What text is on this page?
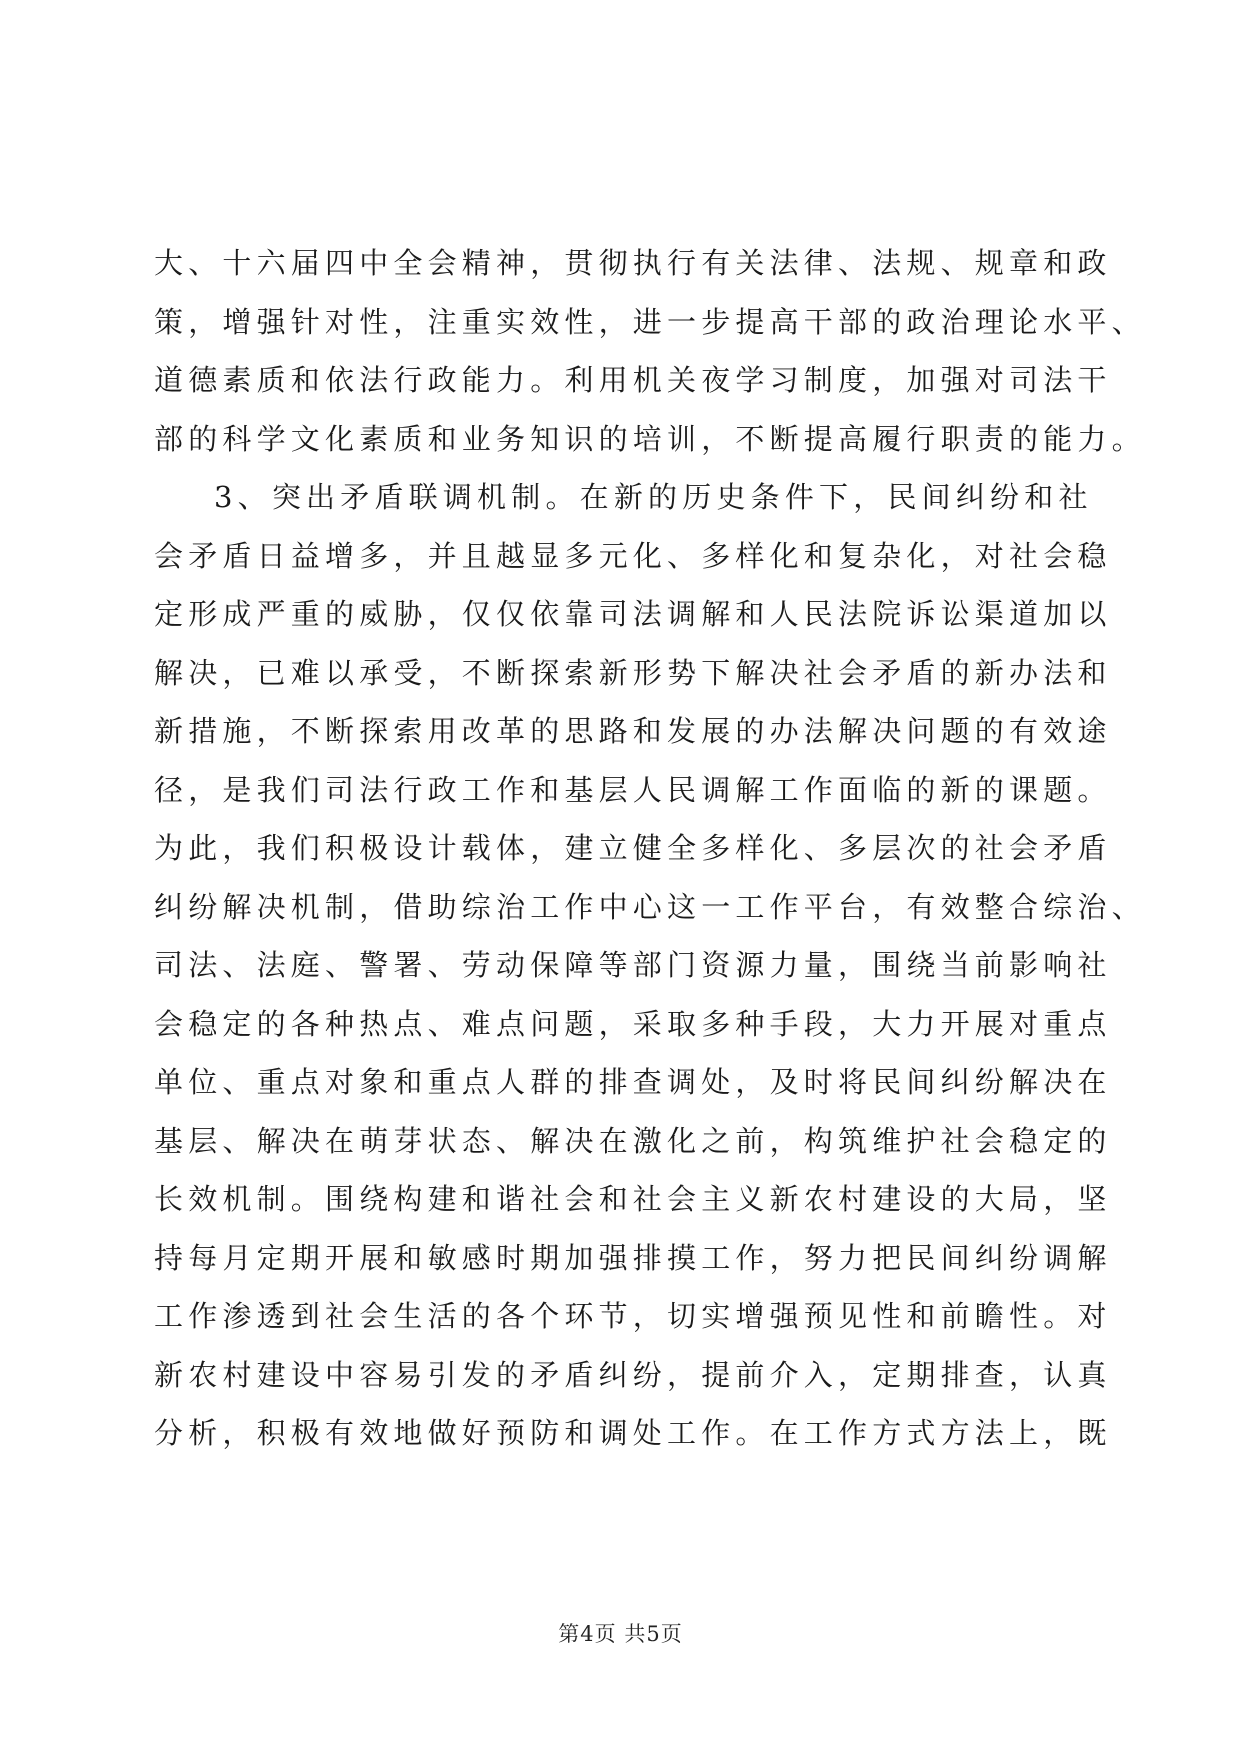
大、十六届四中全会精神，贯彻执行有关法律、法规、规章和政
策，增强针对性，注重实效性，进一步提高干部的政治理论水平、
道德素质和依法行政能力。利用机关夜学习制度，加强对司法干
部的科学文化素质和业务知识的培训，不断提高履行职责的能力。
3、突出矛盾联调机制。在新的历史条件下，民间纠纷和社
会矛盾日益增多，并且越显多元化、多样化和复杂化，对社会稳
定形成严重的威胁，仅仅依靠司法调解和人民法院诉讼渠道加以
解决，已难以承受，不断探索新形势下解决社会矛盾的新办法和
新措施，不断探索用改革的思路和发展的办法解决问题的有效途
径，是我们司法行政工作和基层人民调解工作面临的新的课题。
为此，我们积极设计载体，建立健全多样化、多层次的社会矛盾
纠纷解决机制，借助综治工作中心这一工作平台，有效整合综治、
司法、法庭、警署、劳动保障等部门资源力量，围绕当前影响社
会稳定的各种热点、难点问题，采取多种手段，大力开展对重点
单位、重点对象和重点人群的排查调处，及时将民间纠纷解决在
基层、解决在萌芽状态、解决在激化之前，构筑维护社会稳定的
长效机制。围绕构建和谐社会和社会主义新农村建设的大局，坚
持每月定期开展和敏感时期加强排摸工作，努力把民间纠纷调解
工作渗透到社会生活的各个环节，切实增强预见性和前瞻性。对
新农村建设中容易引发的矛盾纠纷，提前介入，定期排查，认真
分析，积极有效地做好预防和调处工作。在工作方式方法上，既
第4页 共5页
